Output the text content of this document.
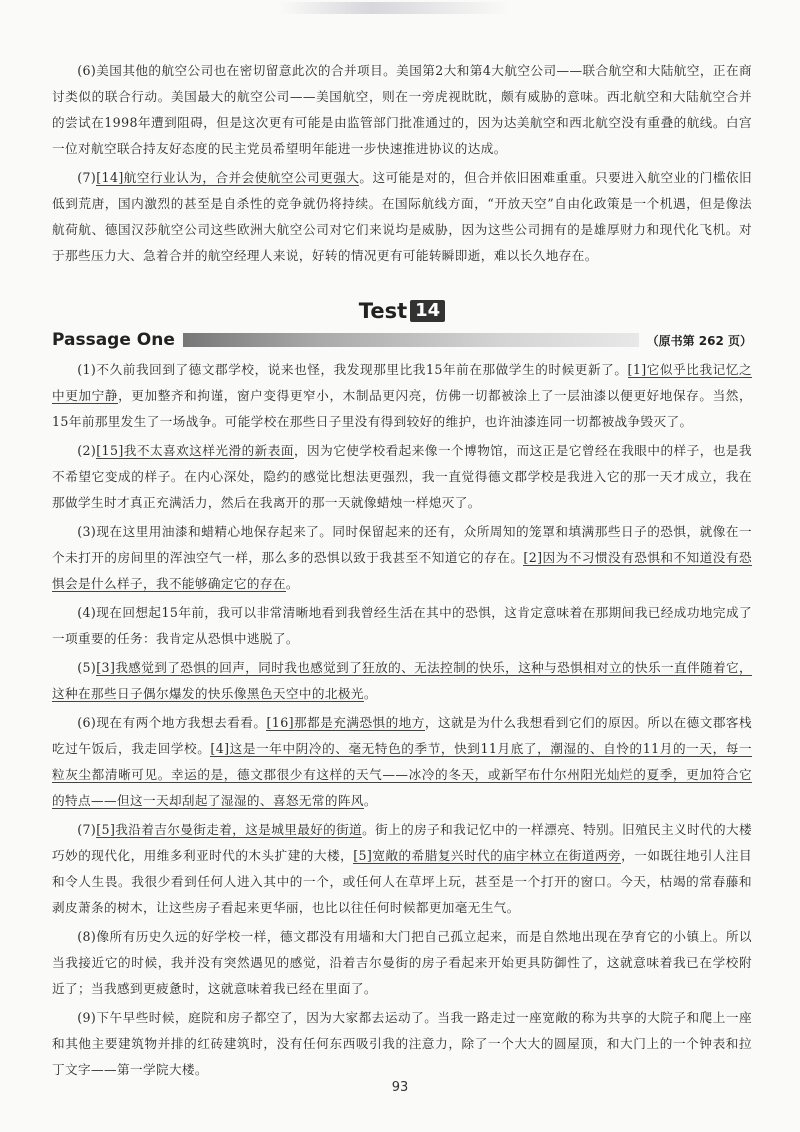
(6)美国其他的航空公司也在密切留意此次的合并项目。美国第2大和第4大航空公司——联合航空和大陆航空，正在商讨类似的联合行动。美国最大的航空公司——美国航空，则在一旁虎视眈眈，颇有威胁的意味。西北航空和大陆航空合并的尝试在1998年遭到阻碍，但是这次更有可能是由监管部门批准通过的，因为达美航空和西北航空没有重叠的航线。白宫一位对航空联合持友好态度的民主党员希望明年能进一步快速推进协议的达成。

(7)[14]航空行业认为，合并会使航空公司更强大。这可能是对的，但合并依旧困难重重。只要进入航空业的门槛依旧低到荒唐，国内激烈的甚至是自杀性的竞争就仍将持续。在国际航线方面，“开放天空”自由化政策是一个机遇，但是像法航荷航、德国汉莎航空公司这些欧洲大航空公司对它们来说均是威胁，因为这些公司拥有的是雄厚财力和现代化飞机。对于那些压力大、急着合并的航空经理人来说，好转的情况更有可能转瞬即逝，难以长久地存在。

Test 14
Passage One	（原书第 262 页）

(1)不久前我回到了德文郡学校，说来也怪，我发现那里比我15年前在那做学生的时候更新了。[1]它似乎比我记忆之中更加宁静，更加整齐和拘谨，窗户变得更窄小，木制品更闪亮，仿佛一切都被涂上了一层油漆以便更好地保存。当然，15年前那里发生了一场战争。可能学校在那些日子里没有得到较好的维护，也许油漆连同一切都被战争毁灭了。

(2)[15]我不太喜欢这样光滑的新表面，因为它使学校看起来像一个博物馆，而这正是它曾经在我眼中的样子，也是我不希望它变成的样子。在内心深处，隐约的感觉比想法更强烈，我一直觉得德文郡学校是我进入它的那一天才成立，我在那做学生时才真正充满活力，然后在我离开的那一天就像蜡烛一样熄灭了。

(3)现在这里用油漆和蜡精心地保存起来了。同时保留起来的还有，众所周知的笼罩和填满那些日子的恐惧，就像在一个未打开的房间里的浑浊空气一样，那么多的恐惧以致于我甚至不知道它的存在。[2]因为不习惯没有恐惧和不知道没有恐惧会是什么样子，我不能够确定它的存在。

(4)现在回想起15年前，我可以非常清晰地看到我曾经生活在其中的恐惧，这肯定意味着在那期间我已经成功地完成了一项重要的任务：我肯定从恐惧中逃脱了。

(5)[3]我感觉到了恐惧的回声，同时我也感觉到了狂放的、无法控制的快乐，这种与恐惧相对立的快乐一直伴随着它，这种在那些日子偶尔爆发的快乐像黑色天空中的北极光。

(6)现在有两个地方我想去看看。[16]那都是充满恐惧的地方，这就是为什么我想看到它们的原因。所以在德文郡客栈吃过午饭后，我走回学校。[4]这是一年中阴冷的、毫无特色的季节，快到11月底了，潮湿的、自怜的11月的一天，每一粒灰尘都清晰可见。幸运的是，德文郡很少有这样的天气——冰冷的冬天，或新罕布什尔州阳光灿烂的夏季，更加符合它的特点——但这一天却刮起了湿湿的、喜怒无常的阵风。

(7)[5]我沿着吉尔曼街走着，这是城里最好的街道。街上的房子和我记忆中的一样漂亮、特别。旧殖民主义时代的大楼巧妙的现代化，用维多利亚时代的木头扩建的大楼，[5]宽敞的希腊复兴时代的庙宇林立在街道两旁，一如既往地引人注目和令人生畏。我很少看到任何人进入其中的一个，或任何人在草坪上玩，甚至是一个打开的窗口。今天，枯竭的常春藤和剥皮萧条的树木，让这些房子看起来更华丽，也比以往任何时候都更加毫无生气。

(8)像所有历史久远的好学校一样，德文郡没有用墙和大门把自己孤立起来，而是自然地出现在孕育它的小镇上。所以当我接近它的时候，我并没有突然遇见的感觉，沿着吉尔曼街的房子看起来开始更具防御性了，这就意味着我已在学校附近了；当我感到更疲惫时，这就意味着我已经在里面了。

(9)下午早些时候，庭院和房子都空了，因为大家都去运动了。当我一路走过一座宽敞的称为共享的大院子和爬上一座和其他主要建筑物并排的红砖建筑时，没有任何东西吸引我的注意力，除了一个大大的圆屋顶，和大门上的一个钟表和拉丁文字——第一学院大楼。

93
